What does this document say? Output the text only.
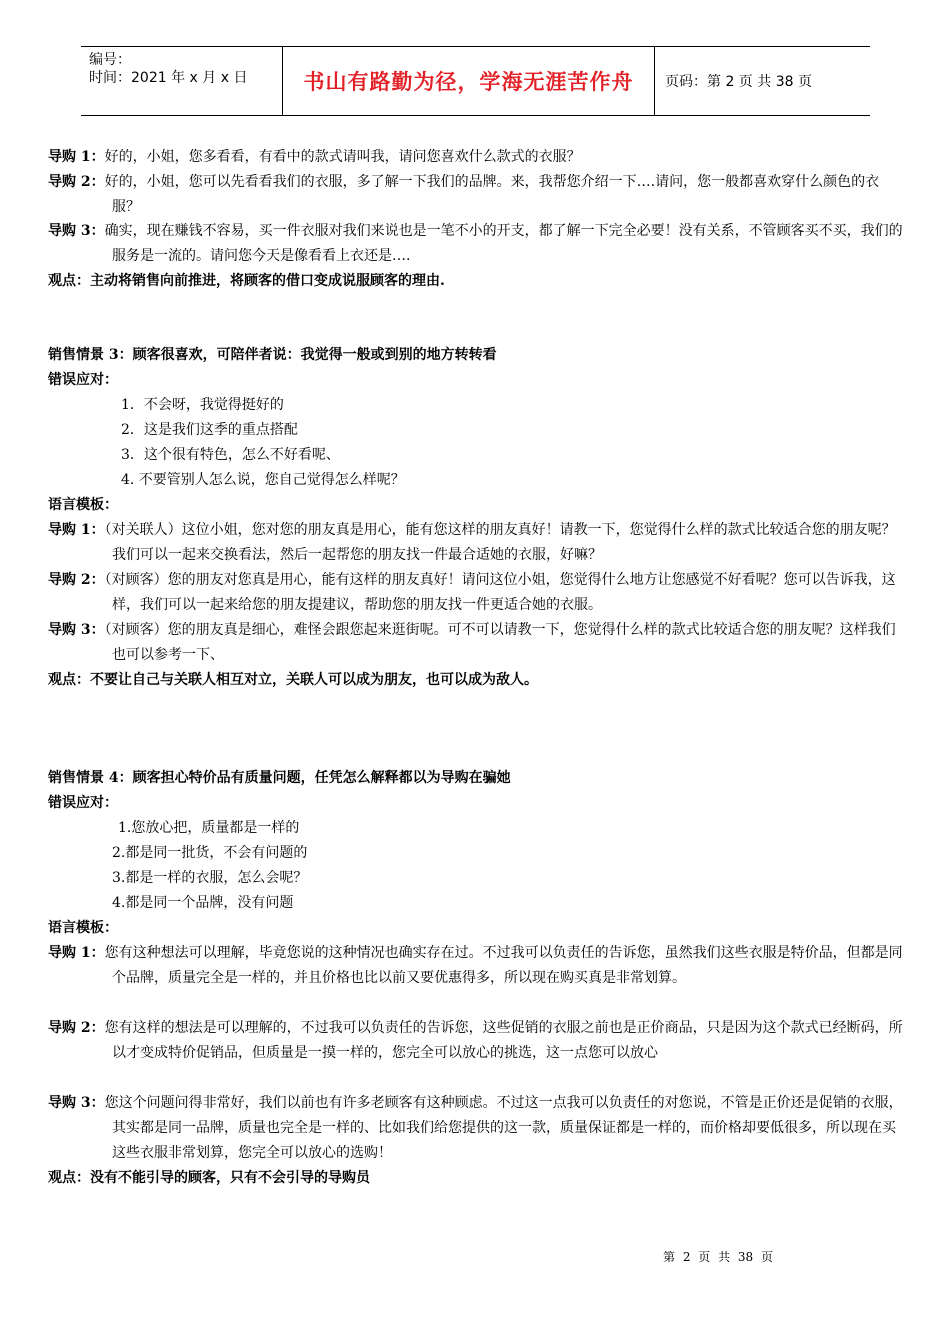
编号：
时间：2021 年 x 月 x 日	书山有路勤为径，学海无涯苦作舟 页码：第 2 页 共 38 页
导购 1：好的，小姐，您多看看，有看中的款式请叫我，请问您喜欢什么款式的衣服？
导购 2：好的，小姐，您可以先看看我们的衣服，多了解一下我们的品牌。来，我帮您介绍一下….请问，您一般都喜欢穿什么颜色的衣服？
导购 3：确实，现在赚钱不容易，买一件衣服对我们来说也是一笔不小的开支，都了解一下完全必要！没有关系，不管顾客买不买，我们的服务是一流的。请问您今天是像看看上衣还是….
观点：主动将销售向前推进，将顾客的借口变成说服顾客的理由.
销售情景 3：顾客很喜欢，可陪伴者说：我觉得一般或到别的地方转转看
错误应对：
1．不会呀，我觉得挺好的
2．这是我们这季的重点搭配
3．这个很有特色，怎么不好看呢、
4. 不要管别人怎么说，您自己觉得怎么样呢？
语言模板：
导购 1：（对关联人）这位小姐，您对您的朋友真是用心，能有您这样的朋友真好！请教一下，您觉得什么样的款式比较适合您的朋友呢？我们可以一起来交换看法，然后一起帮您的朋友找一件最合适她的衣服，好嘛？
导购 2：（对顾客）您的朋友对您真是用心，能有这样的朋友真好！请问这位小姐，您觉得什么地方让您感觉不好看呢？您可以告诉我，这样，我们可以一起来给您的朋友提建议，帮助您的朋友找一件更适合她的衣服。
导购 3：（对顾客）您的朋友真是细心，难怪会跟您起来逛街呢。可不可以请教一下，您觉得什么样的款式比较适合您的朋友呢？这样我们也可以参考一下、
观点：不要让自己与关联人相互对立，关联人可以成为朋友，也可以成为敌人。
销售情景 4：顾客担心特价品有质量问题，任凭怎么解释都以为导购在骗她
错误应对：
1.您放心把，质量都是一样的
2.都是同一批货，不会有问题的
3.都是一样的衣服，怎么会呢？
4.都是同一个品牌，没有问题
语言模板：
导购 1：您有这种想法可以理解，毕竟您说的这种情况也确实存在过。不过我可以负责任的告诉您，虽然我们这些衣服是特价品，但都是同个品牌，质量完全是一样的，并且价格也比以前又要优惠得多，所以现在购买真是非常划算。
导购 2：您有这样的想法是可以理解的，不过我可以负责任的告诉您，这些促销的衣服之前也是正价商品，只是因为这个款式已经断码，所以才变成特价促销品，但质量是一摸一样的，您完全可以放心的挑选，这一点您可以放心
导购 3：您这个问题问得非常好，我们以前也有许多老顾客有这种顾虑。不过这一点我可以负责任的对您说，不管是正价还是促销的衣服，其实都是同一品牌，质量也完全是一样的、比如我们给您提供的这一款，质量保证都是一样的，而价格却要低很多，所以现在买这些衣服非常划算，您完全可以放心的选购！
观点：没有不能引导的顾客，只有不会引导的导购员
第 2 页 共 38 页
